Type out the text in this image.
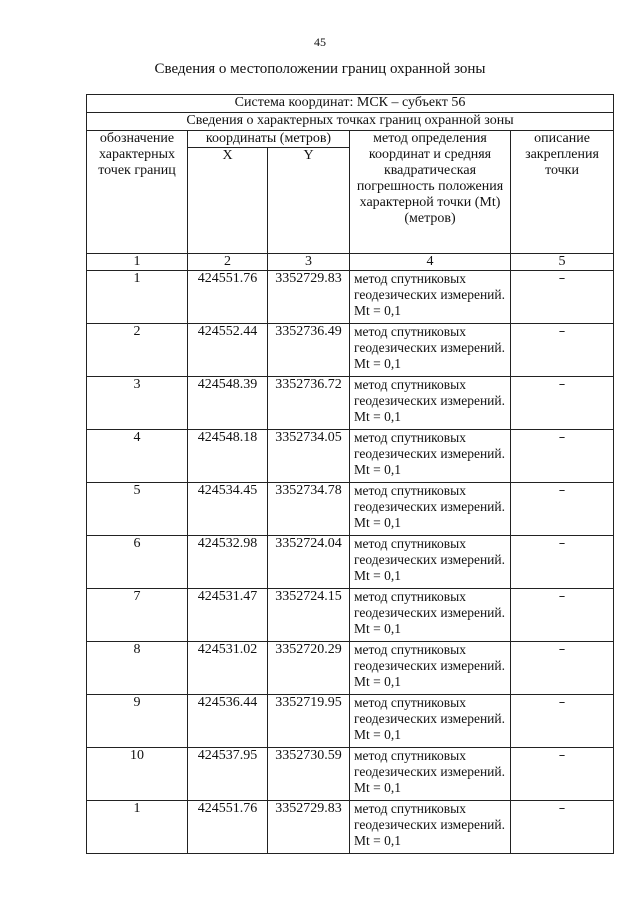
45
Сведения о местоположении границ охранной зоны
Система координат: МСК – субъект 56				
Сведения о характерных точках границ охранной зоны				
обозначение характерных точек границ	координаты (метров)		метод определения координат и средняя квадратическая погрешность положения характерной точки (Mt) (метров)	описание закрепления точки
	X	Y		
1	2	3	4	5
1	424551.76	3352729.83	метод спутниковых геодезических измерений. Mt = 0,1	–
2	424552.44	3352736.49	метод спутниковых геодезических измерений. Mt = 0,1	–
3	424548.39	3352736.72	метод спутниковых геодезических измерений. Mt = 0,1	–
4	424548.18	3352734.05	метод спутниковых геодезических измерений. Mt = 0,1	–
5	424534.45	3352734.78	метод спутниковых геодезических измерений. Mt = 0,1	–
6	424532.98	3352724.04	метод спутниковых геодезических измерений. Mt = 0,1	–
7	424531.47	3352724.15	метод спутниковых геодезических измерений. Mt = 0,1	–
8	424531.02	3352720.29	метод спутниковых геодезических измерений. Mt = 0,1	–
9	424536.44	3352719.95	метод спутниковых геодезических измерений. Mt = 0,1	–
10	424537.95	3352730.59	метод спутниковых геодезических измерений. Mt = 0,1	–
1	424551.76	3352729.83	метод спутниковых геодезических измерений. Mt = 0,1	–
